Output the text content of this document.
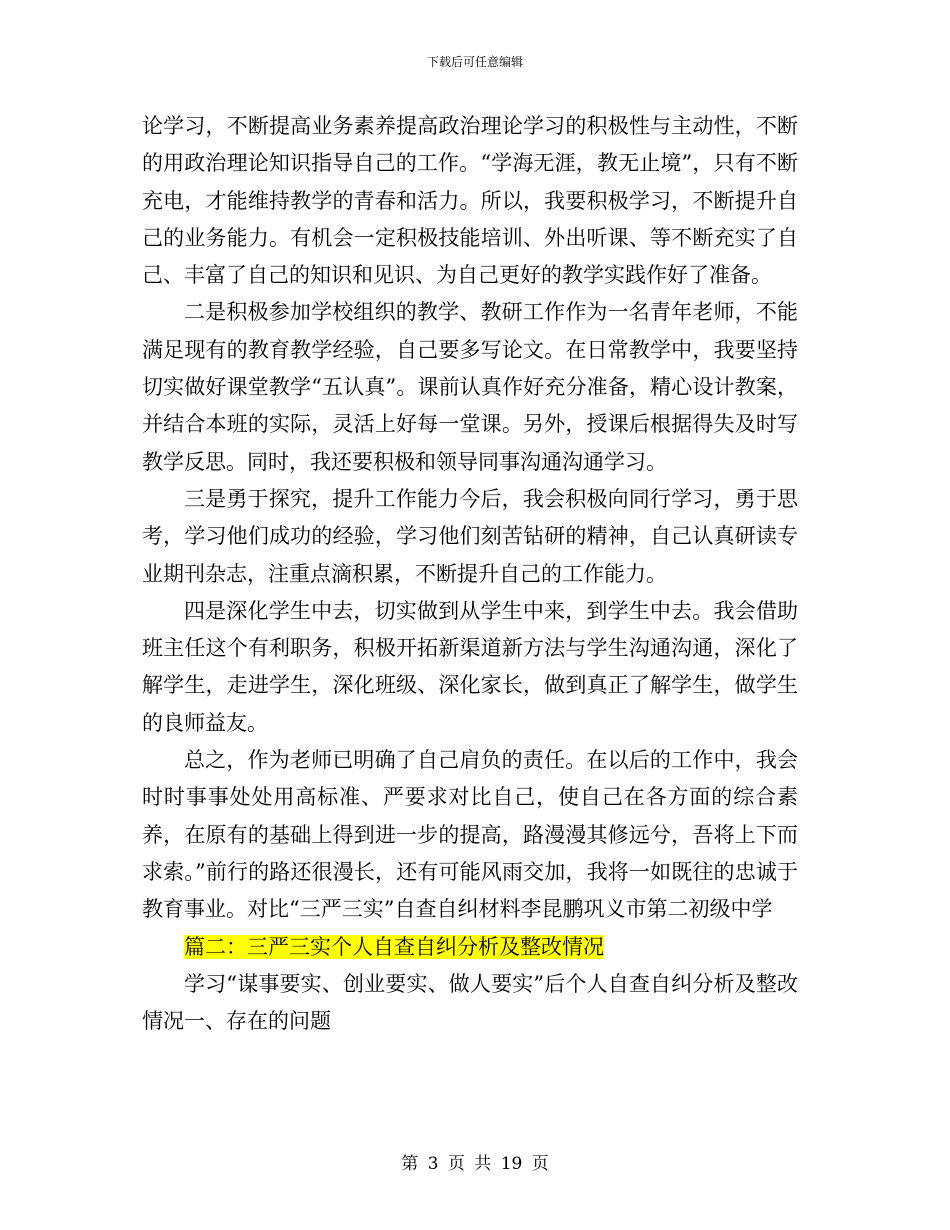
下载后可任意编辑

论学习，不断提高业务素养提高政治理论学习的积极性与主动性，不断的用政治理论知识指导自己的工作。“学海无涯，教无止境”，只有不断充电，才能维持教学的青春和活力。所以，我要积极学习，不断提升自己的业务能力。有机会一定积极技能培训、外出听课、等不断充实了自己、丰富了自己的知识和见识、为自己更好的教学实践作好了准备。

二是积极参加学校组织的教学、教研工作作为一名青年老师，不能满足现有的教育教学经验，自己要多写论文。在日常教学中，我要坚持切实做好课堂教学“五认真”。课前认真作好充分准备，精心设计教案，并结合本班的实际，灵活上好每一堂课。另外，授课后根据得失及时写教学反思。同时，我还要积极和领导同事沟通沟通学习。

三是勇于探究，提升工作能力今后，我会积极向同行学习，勇于思考，学习他们成功的经验，学习他们刻苦钻研的精神，自己认真研读专业期刊杂志，注重点滴积累，不断提升自己的工作能力。

四是深化学生中去，切实做到从学生中来，到学生中去。我会借助班主任这个有利职务，积极开拓新渠道新方法与学生沟通沟通，深化了解学生，走进学生，深化班级、深化家长，做到真正了解学生，做学生的良师益友。

总之，作为老师已明确了自己肩负的责任。在以后的工作中，我会时时事事处处用高标准、严要求对比自己，使自己在各方面的综合素养，在原有的基础上得到进一步的提高，路漫漫其修远兮，吾将上下而求索。”前行的路还很漫长，还有可能风雨交加，我将一如既往的忠诚于教育事业。对比“三严三实”自查自纠材料李昆鹏巩义市第二初级中学

篇二：三严三实个人自查自纠分析及整改情况

学习“谋事要实、创业要实、做人要实”后个人自查自纠分析及整改情况一、存在的问题

第 3 页 共 19 页
